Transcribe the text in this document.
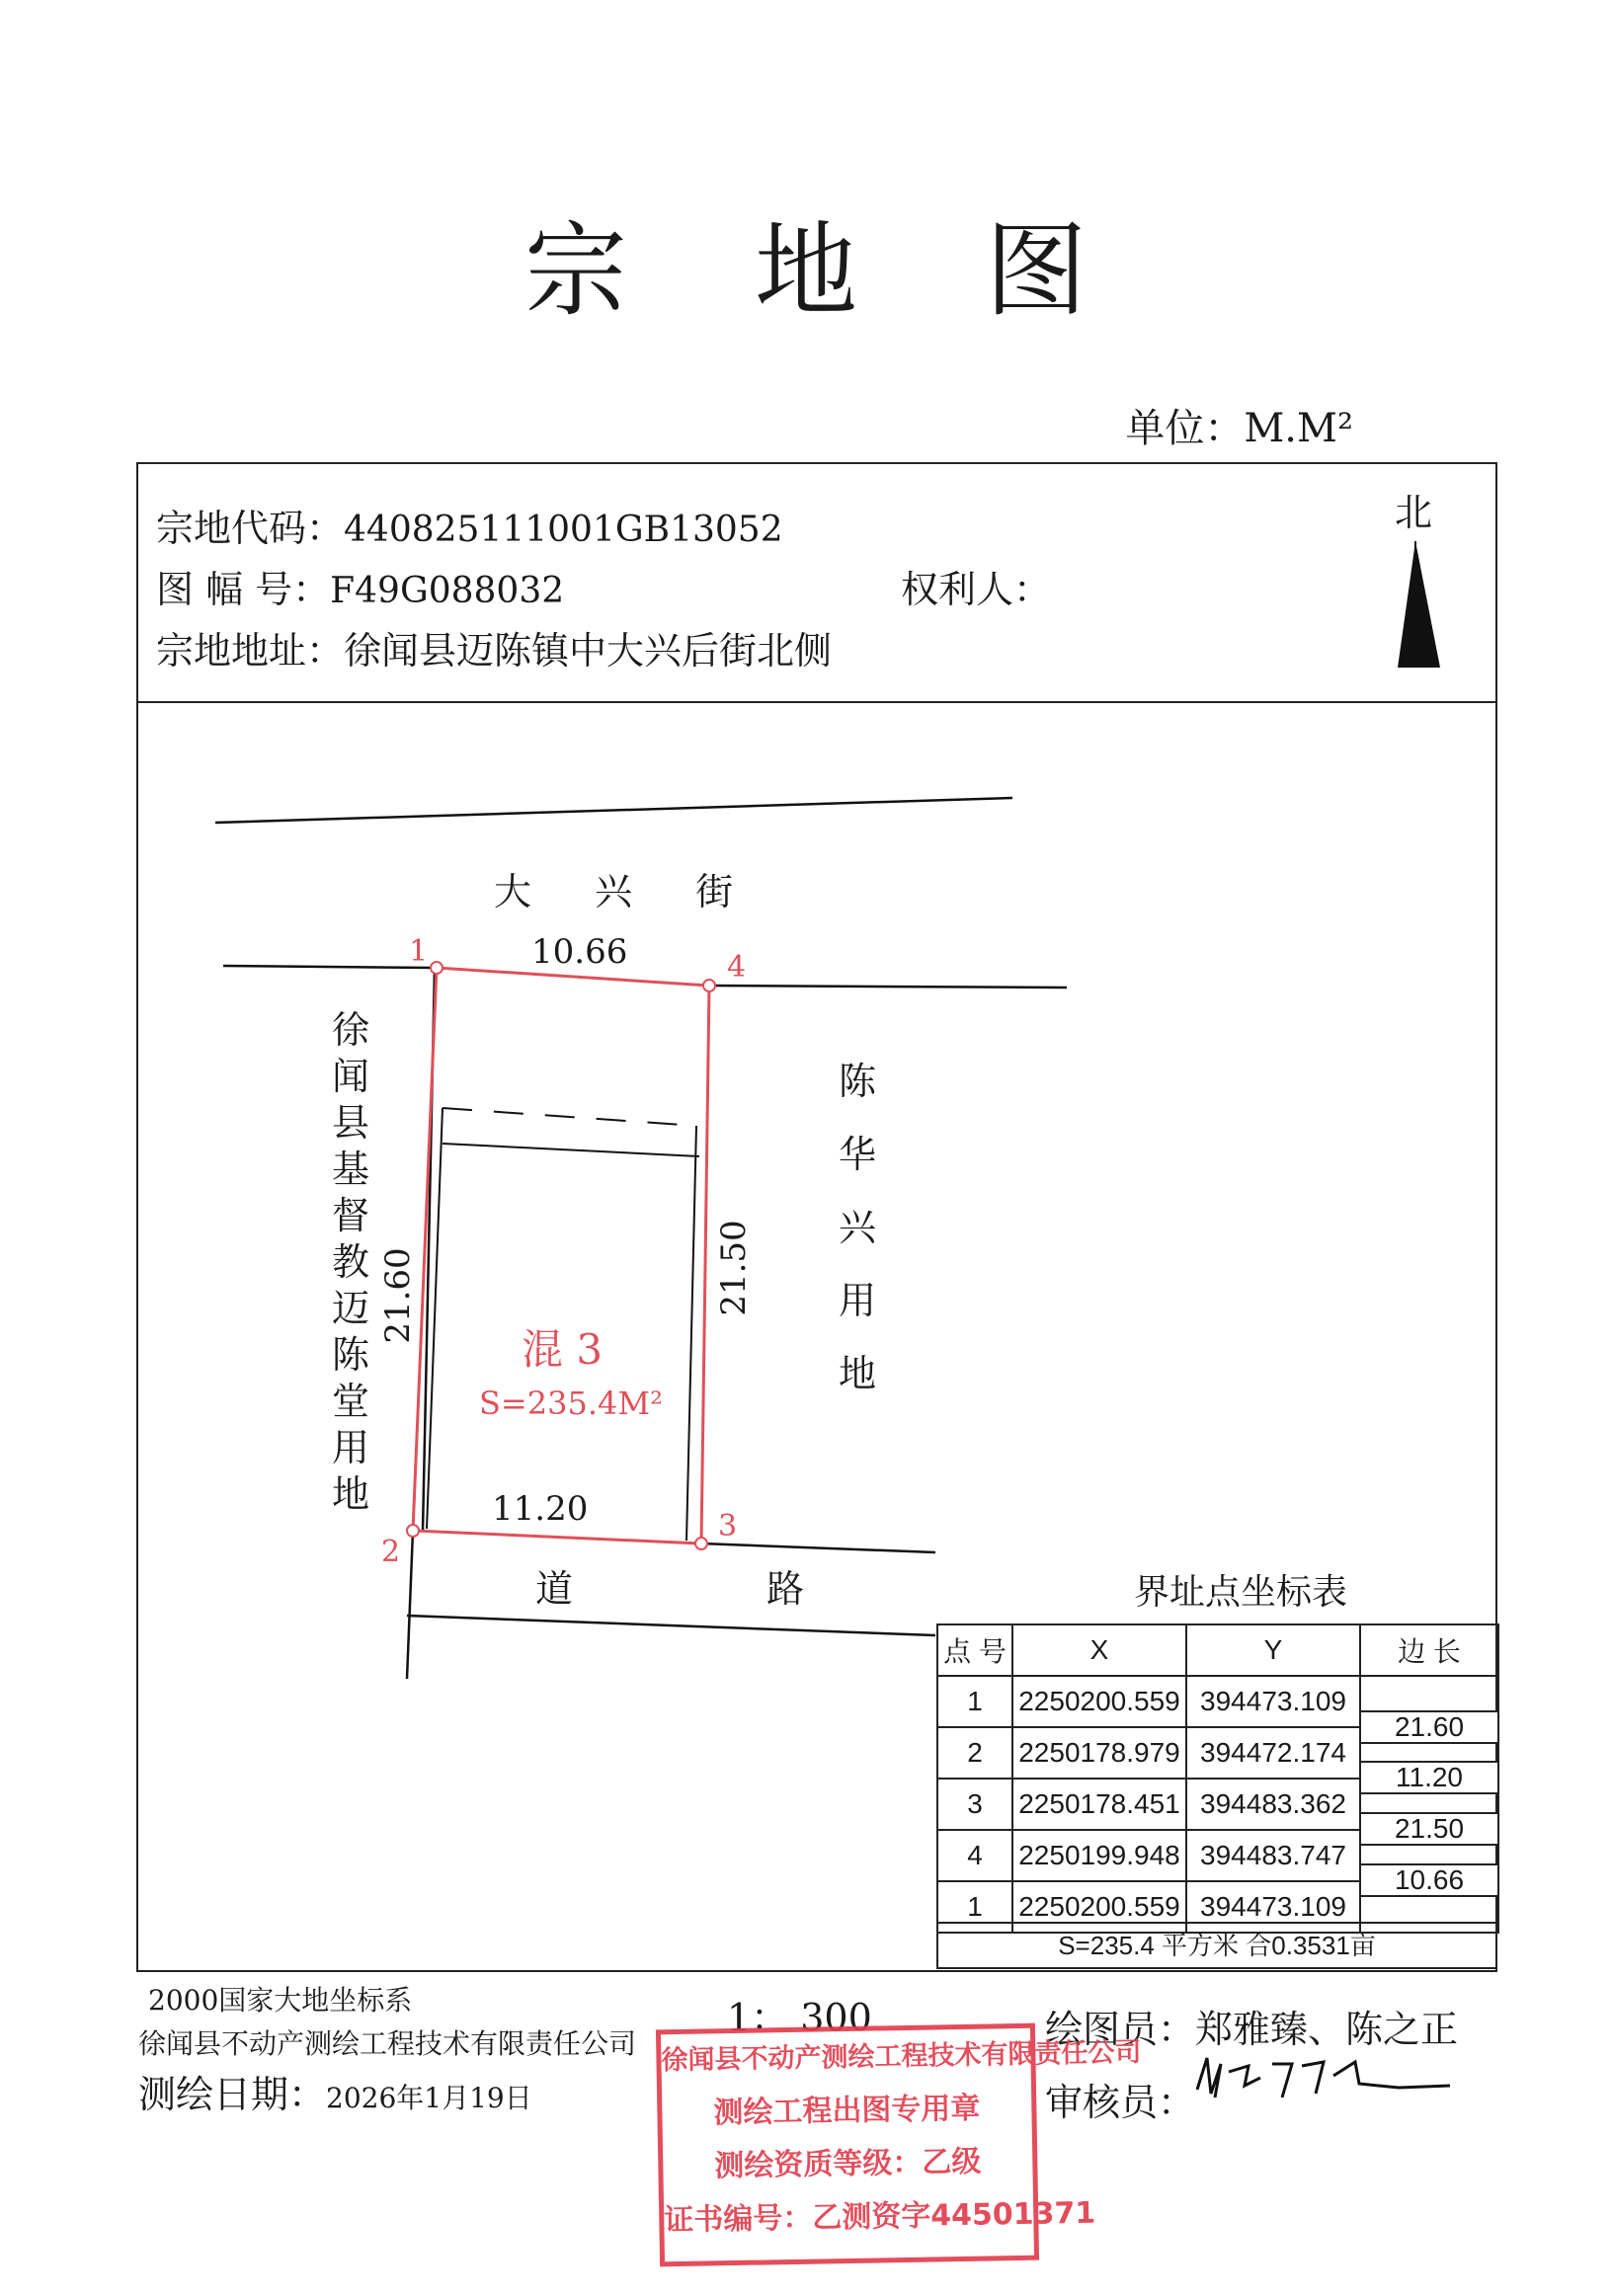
宗 地 图
单位：M.M²
宗地代码：440825111001GB13052
图 幅 号：F49G088032	权利人：
宗地地址：徐闻县迈陈镇中大兴后街北侧
北
21.60	21.50
大 兴 街
道 路
徐闻县基督教迈陈堂用地
陈华兴用地
10.66
11.20
1	4
3
2
混 3
S=235.4M²
界址点坐标表
点 号	X	Y	边 长
1	2250200.559	394473.109	21.60

2	2250178.979	394472.174	11.20

3	2250178.451	394483.362	21.50

4	2250199.948	394483.747	10.66

1	2250200.559	394473.109	
S=235.4 平方米 合0.3531亩
2000国家大地坐标系
徐闻县不动产测绘工程技术有限责任公司
测绘日期：2026年1月19日
1： 300	绘图员：郑雅臻、陈之正
审核员：
徐闻县不动产测绘工程技术有限责任公司
测绘工程出图专用章
测绘资质等级：乙级
证书编号：乙测资字44501371
